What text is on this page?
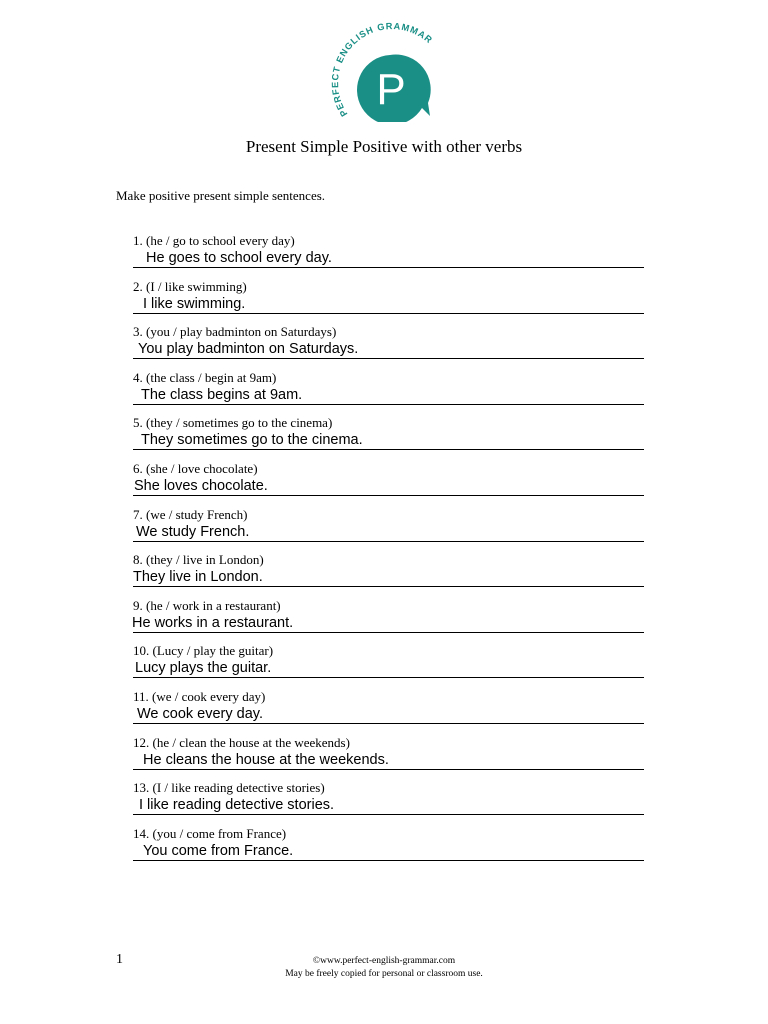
PERFECT ENGLISH GRAMMAR
P
Present Simple Positive with other verbs
Make positive present simple sentences.
1. (he / go to school every day)
He goes to school every day.
2. (I / like swimming)
I like swimming.
3. (you / play badminton on Saturdays)
You play badminton on Saturdays.
4. (the class / begin at 9am)
The class begins at 9am.
5. (they / sometimes go to the cinema)
They sometimes go to the cinema.
6. (she / love chocolate)
She loves chocolate.
7. (we / study French)
We study French.
8. (they / live in London)
They live in London.
9. (he / work in a restaurant)
He works in a restaurant.
10. (Lucy / play the guitar)
Lucy plays the guitar.
11. (we / cook every day)
We cook every day.
12. (he / clean the house at the weekends)
He cleans the house at the weekends.
13. (I / like reading detective stories)
I like reading detective stories.
14. (you / come from France)
You come from France.
1	©www.perfect-english-grammar.com
May be freely copied for personal or classroom use.
